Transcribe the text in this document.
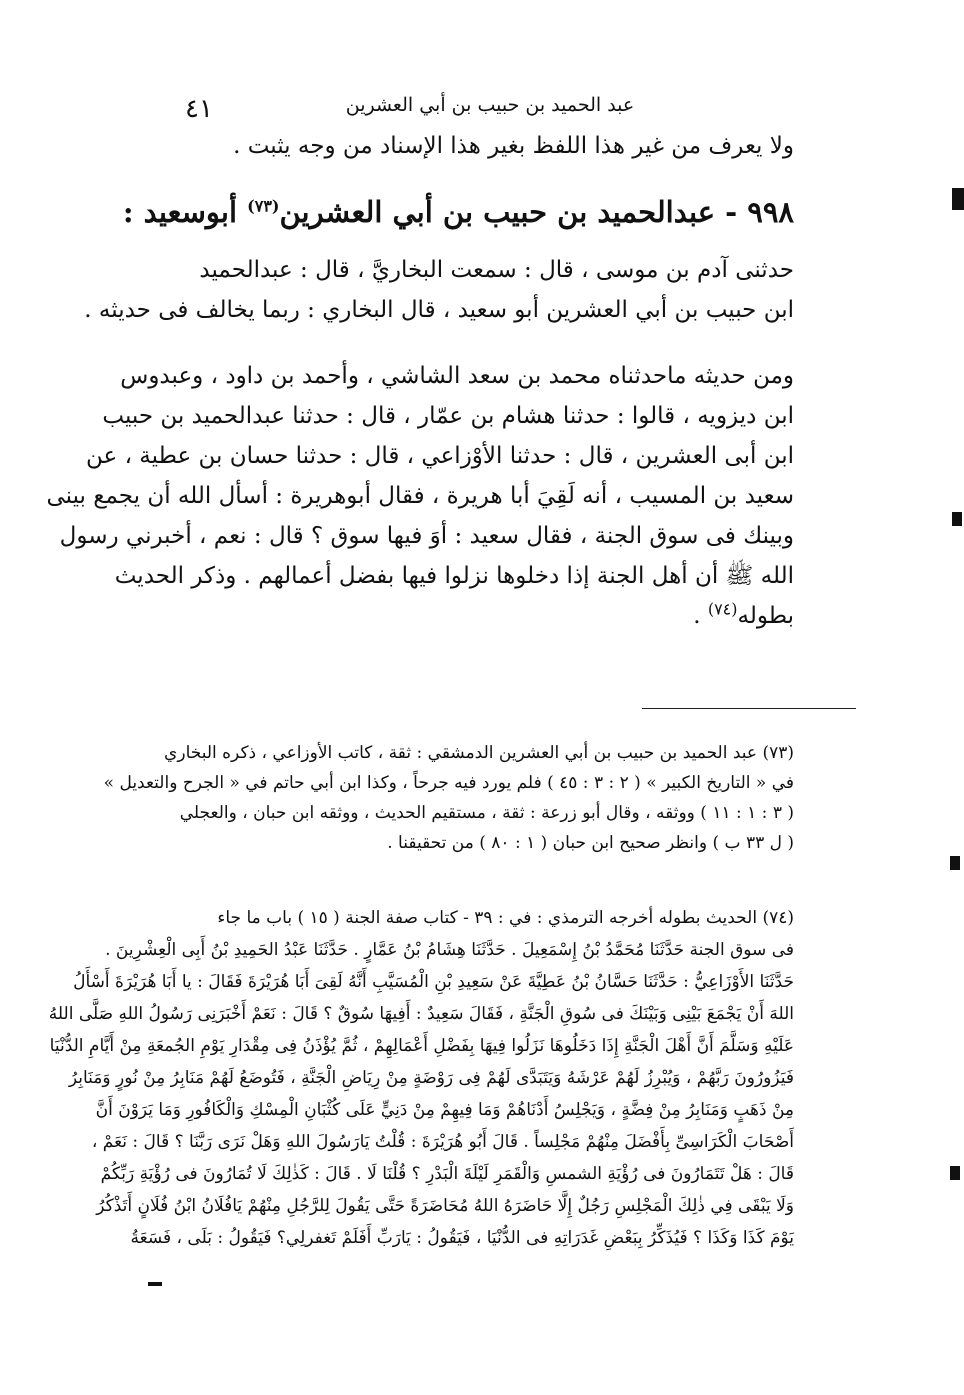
عبد الحميد بن حبيب بن أبي العشرين
٤١
ولا يعرف من غير هذا اللفظ بغير هذا الإسناد من وجه يثبت .
٩٩٨ - عبدالحميد بن حبيب بن أبي العشرين$^{(٧٣)}$ أبوسعيد :
حدثنى آدم بن موسى ، قال : سمعت البخاريَّ ، قال : عبدالحميد
ابن حبيب بن أبي العشرين أبو سعيد ، قال البخاري : ربما يخالف فى حديثه .
ومن حديثه ماحدثناه محمد بن سعد الشاشي ، وأحمد بن داود ، وعبدوس
ابن ديزويه ، قالوا : حدثنا هشام بن عمّار ، قال : حدثنا عبدالحميد بن حبيب
ابن أبى العشرين ، قال : حدثنا الأوْزاعي ، قال : حدثنا حسان بن عطية ، عن
سعيد بن المسيب ، أنه لَقِيَ أبا هريرة ، فقال أبوهريرة : أسأل الله أن يجمع بينى
وبينك فى سوق الجنة ، فقال سعيد : أوَ فيها سوق ؟ قال : نعم ، أخبرني رسول
الله ﷺ أن أهل الجنة إذا دخلوها نزلوا فيها بفضل أعمالهم . وذكر الحديث
بطوله$^{(٧٤)}$ .
(٧٣) عبد الحميد بن حبيب بن أبي العشرين الدمشقي : ثقة ، كاتب الأوزاعي ، ذكره البخاري
في « التاريخ الكبير » ( ٢ : ٣ : ٤٥ ) فلم يورد فيه جرحاً ، وكذا ابن أبي حاتم في « الجرح والتعديل »
( ٣ : ١ : ١١ ) ووثقه ، وقال أبو زرعة : ثقة ، مستقيم الحديث ، ووثقه ابن حبان ، والعجلي
( ل ٣٣ ب ) وانظر صحيح ابن حبان ( ١ : ٨٠ ) من تحقيقنا .
(٧٤) الحديث بطوله أخرجه الترمذي : في : ٣٩ - كتاب صفة الجنة ( ١٥ ) باب ما جاء
فى سوق الجنة حَدَّثَنَا مُحَمَّدُ بْنُ إِسْمَعِيلَ . حَدَّثَنَا هِشَامُ بْنُ عَمَّارٍ . حَدَّثَنَا عَبْدُ الحَمِيدِ بْنُ أَبِى الْعِشْرِينَ .
حَدَّثَنَا الأَوْزَاعِيُّ : حَدَّثَنَا حَسَّانُ بْنُ عَطِيَّةَ عَنْ سَعِيدِ بْنِ الْمُسَيَّبِ أَنَّهُ لَقِىَ أَبَا هُرَيْرَةَ فَقَالَ : يا أَبَا هُرَيْرَةَ أَسْأَلُ
اللهَ أَنْ يَجْمَعَ بَيْنِى وَبَيْنَكَ فى سُوقِ الْجَنَّةِ ، فَقَالَ سَعِيدٌ : أَفِيهَا سُوقٌ ؟ قَالَ : نَعَمْ أَخْبَرَنِى رَسُولُ اللهِ صَلَّى اللهُ
عَلَيْهِ وَسَلَّمَ أَنَّ أَهْلَ الْجَنَّةِ إِذَا دَخَلُوهَا نَزَلُوا فِيهَا بِفَضْلِ أَعْمَالِهِمْ ، ثُمَّ يُؤْذَنُ فِى مِقْدَارِ يَوْمِ الجُمعَةِ مِنْ أَيَّامِ الدُّنْيَا
فَيَزُورُونَ رَبَّهُمْ ، وَيُبْرِزُ لَهُمْ عَرْشَهُ وَيَتَبَدَّى لَهُمْ فِى رَوْضَةٍ مِنْ رِيَاضِ الْجَنَّةِ ، فَتُوضَعُ لَهُمْ مَنَابِرُ مِنْ نُورٍ وَمَنَابِرُ
مِنْ ذَهَبٍ وَمَنَابِرُ مِنْ فِضَّةٍ ، وَيَجْلِسُ أَدْنَاهُمْ وَمَا فِيهِمْ مِنْ دَنِيٍّ عَلَى كُثْبَانِ الْمِسْكِ وَالْكَافُورِ وَمَا يَرَوْنَ أَنَّ
أَصْحَابَ الْكَرَاسِىِّ بِأَفْضَلَ مِنْهُمْ مَجْلِساً . قَالَ أَبُو هُرَيْرَةَ : قُلْتُ يَارَسُولَ اللهِ وَهَلْ نَرَى رَبَّنَا ؟ قَالَ : نَعَمْ ،
قَالَ : هَلْ تَتَمَارُونَ فى رُؤْيَةِ الشمسِ وَالْقَمَرِ لَيْلَةَ الْبَدْرِ ؟ قُلْنَا لَا . قَالَ : كَذٰلِكَ لَا تُمَارُونَ فى رُؤْيَةِ رَبِّكُمْ
وَلَا يَبْقَى فِي ذٰلِكَ الْمَجْلِسِ رَجُلٌ إِلَّا حَاضَرَهُ اللهُ مُحَاضَرَةً حَتَّى يَقُولَ لِلرَّجُلِ مِنْهُمْ يَافُلَانُ ابْنُ فُلَانٍ أَتَذْكُرُ
يَوْمَ كَذَا وَكَذَا ؟ فَيُذَكِّرُ بِبَعْضِ غَدَرَاتِهِ فى الدُّنْيَا ، فَيَقُولُ : يَارَبِّ أَفَلَمْ تَغفرلِي؟ فَيَقُولُ : بَلَى ، فَسَعَةُ
